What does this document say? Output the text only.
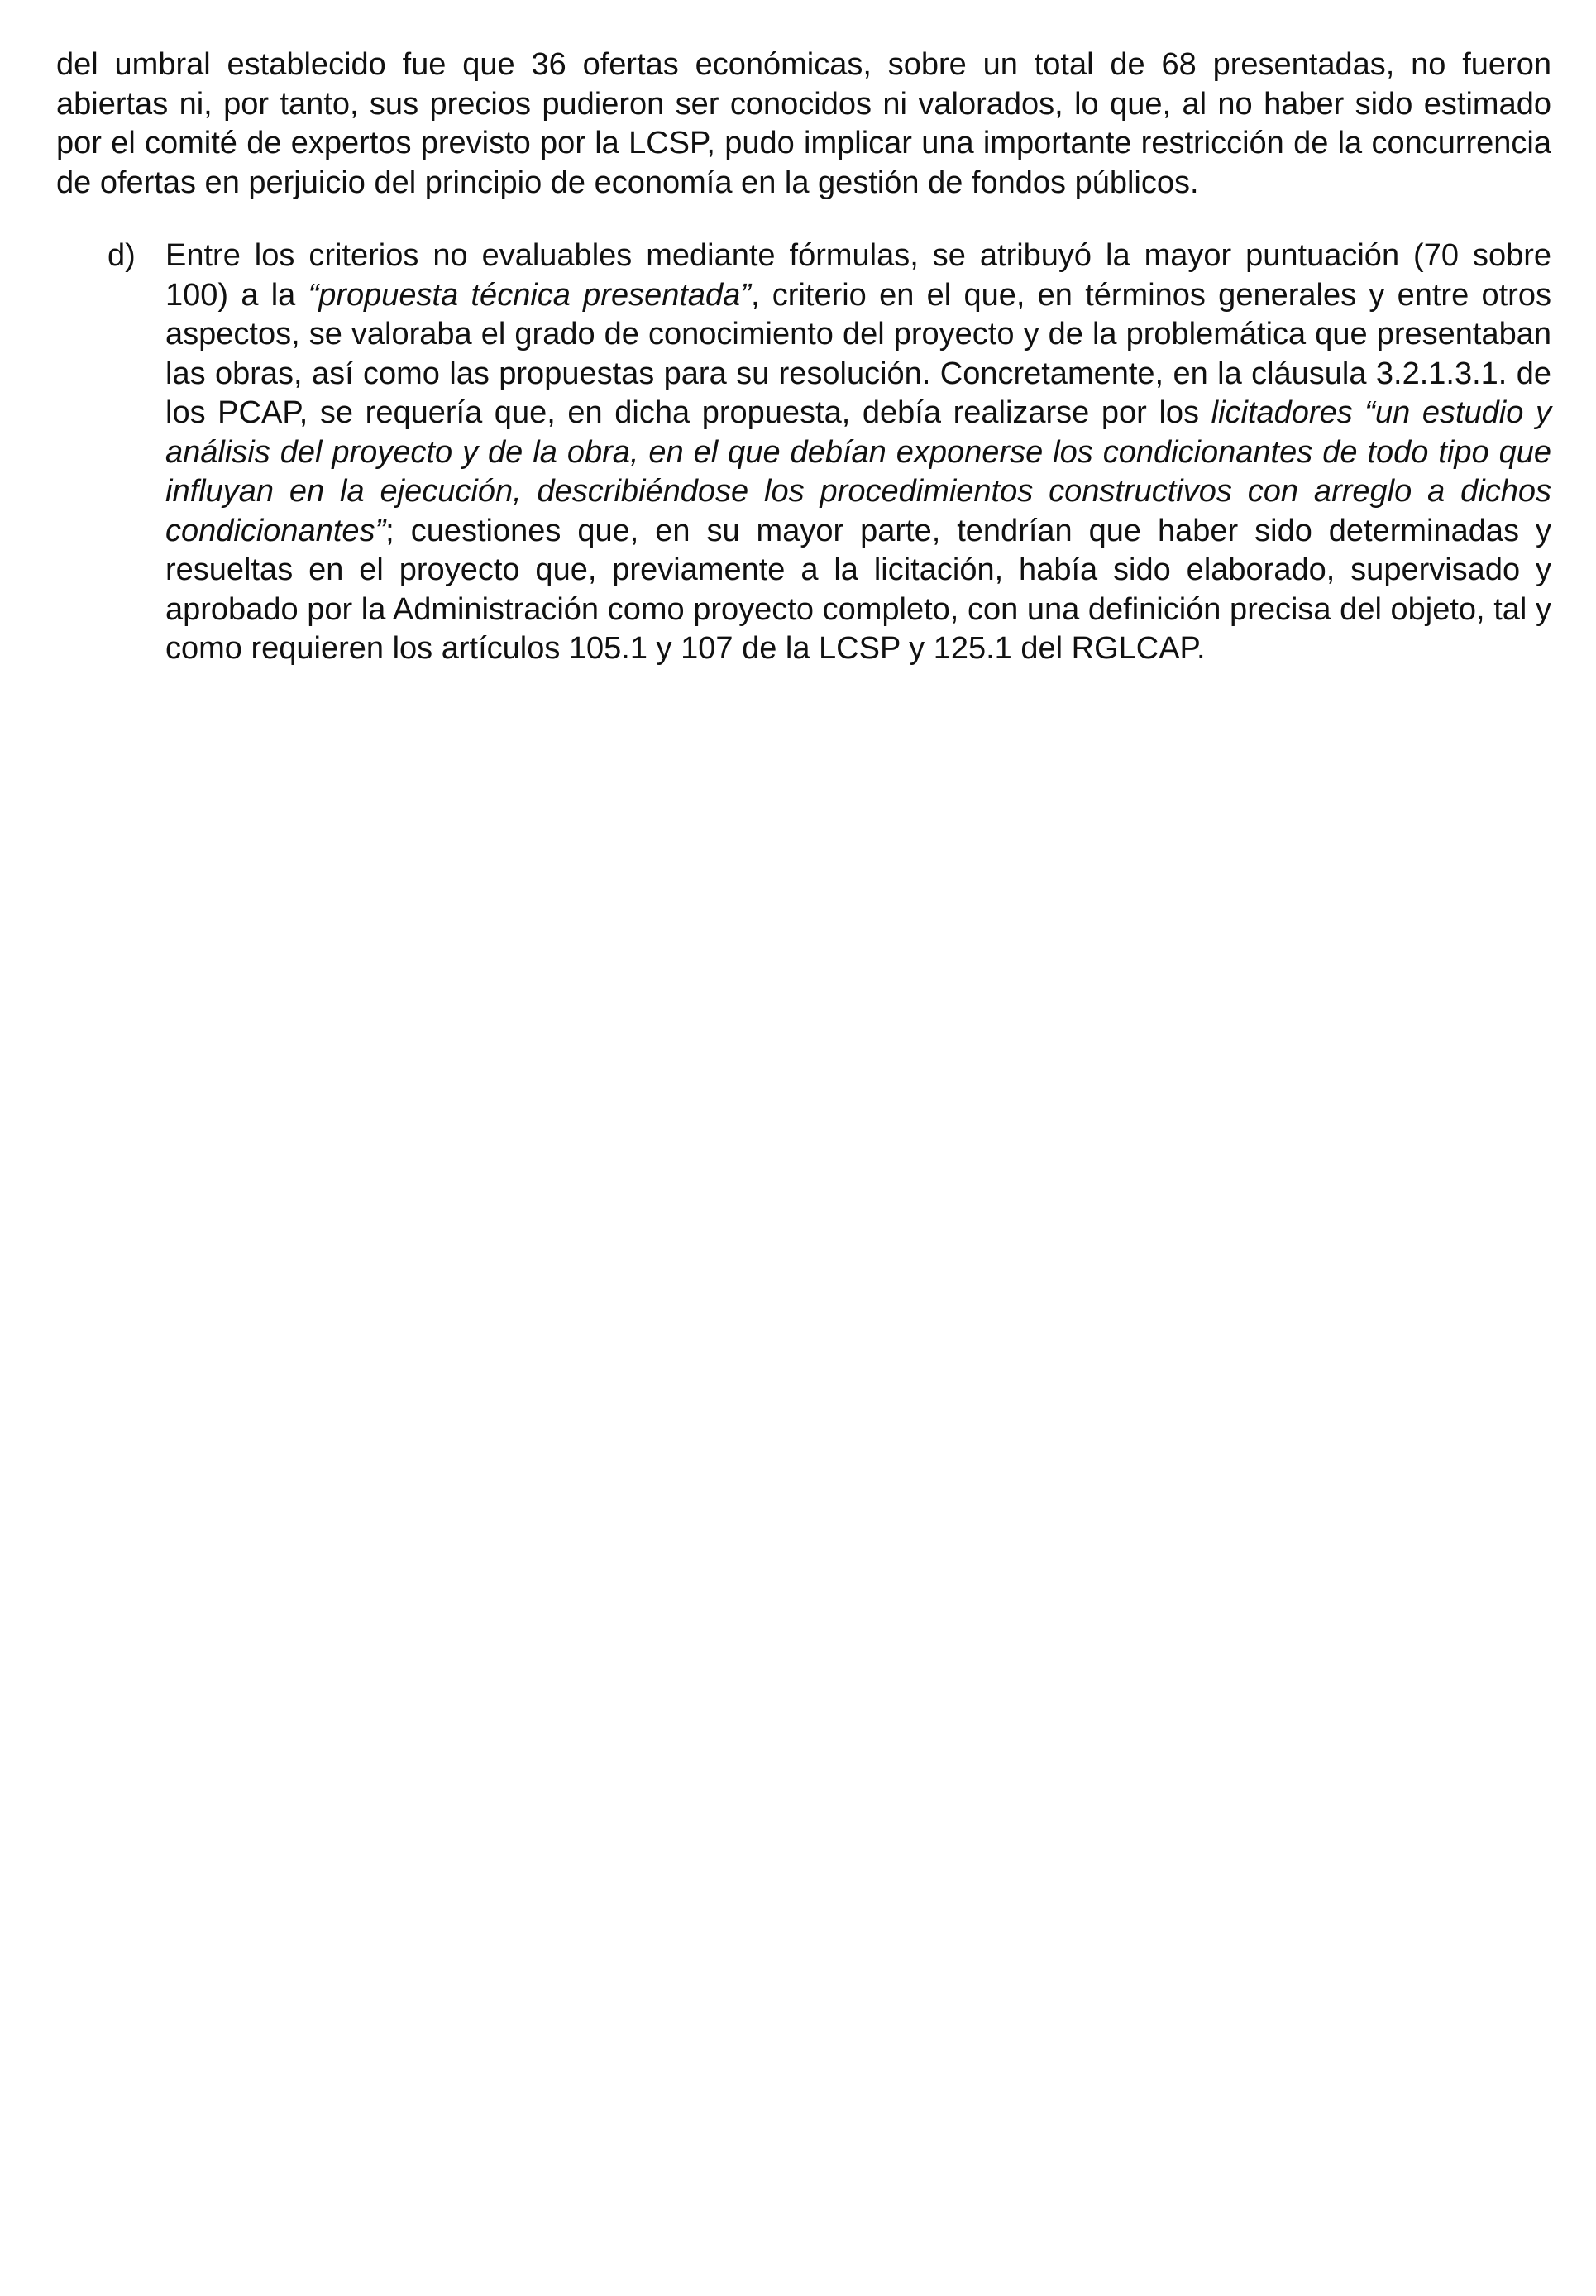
del umbral establecido fue que 36 ofertas económicas, sobre un total de 68 presentadas, no fueron abiertas ni, por tanto, sus precios pudieron ser conocidos ni valorados, lo que, al no haber sido estimado por el comité de expertos previsto por la LCSP, pudo implicar una importante restricción de la concurrencia de ofertas en perjuicio del principio de economía en la gestión de fondos públicos.

d) Entre los criterios no evaluables mediante fórmulas, se atribuyó la mayor puntuación (70 sobre 100) a la “propuesta técnica presentada”, criterio en el que, en términos generales y entre otros aspectos, se valoraba el grado de conocimiento del proyecto y de la problemática que presentaban las obras, así como las propuestas para su resolución. Concretamente, en la cláusula 3.2.1.3.1. de los PCAP, se requería que, en dicha propuesta, debía realizarse por los licitadores “un estudio y análisis del proyecto y de la obra, en el que debían exponerse los condicionantes de todo tipo que influyan en la ejecución, describiéndose los procedimientos constructivos con arreglo a dichos condicionantes”; cuestiones que, en su mayor parte, tendrían que haber sido determinadas y resueltas en el proyecto que, previamente a la licitación, había sido elaborado, supervisado y aprobado por la Administración como proyecto completo, con una definición precisa del objeto, tal y como requieren los artículos 105.1 y 107 de la LCSP y 125.1 del RGLCAP.
